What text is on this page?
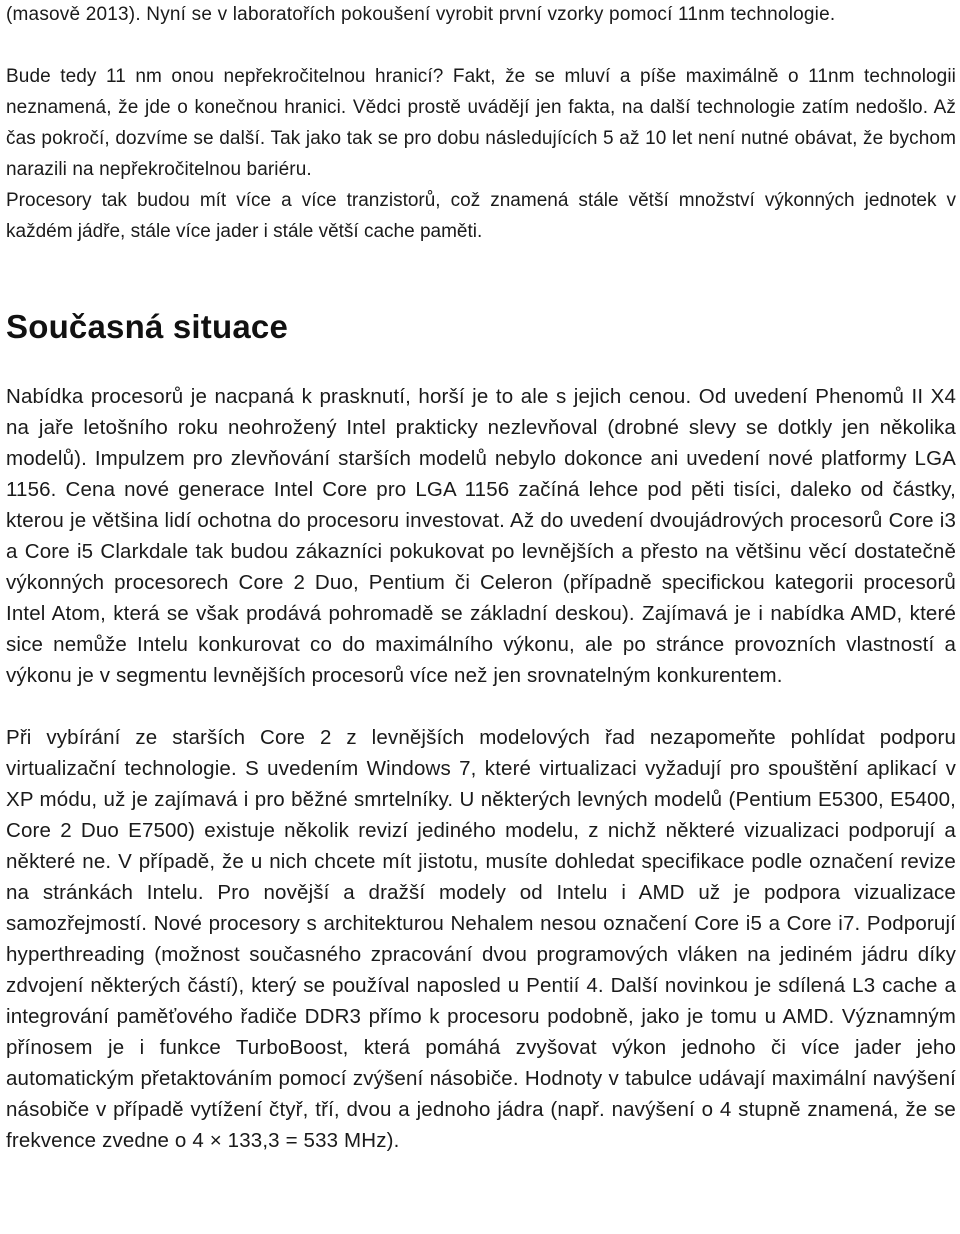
(masově 2013). Nyní se v laboratořích pokoušení vyrobit první vzorky pomocí 11nm technologie.

Bude tedy 11 nm onou nepřekročitelnou hranicí? Fakt, že se mluví a píše maximálně o 11nm technologii neznamená, že jde o konečnou hranici. Vědci prostě uvádějí jen fakta, na další technologie zatím nedošlo. Až čas pokročí, dozvíme se další. Tak jako tak se pro dobu následujících 5 až 10 let není nutné obávat, že bychom narazili na nepřekročitelnou bariéru.

Procesory tak budou mít více a více tranzistorů, což znamená stále větší množství výkonných jednotek v každém jádře, stále více jader i stále větší cache paměti.

Současná situace

Nabídka procesorů je nacpaná k prasknutí, horší je to ale s jejich cenou. Od uvedení Phenomů II X4 na jaře letošního roku neohrožený Intel prakticky nezlevňoval (drobné slevy se dotkly jen několika modelů). Impulzem pro zlevňování starších modelů nebylo dokonce ani uvedení nové platformy LGA 1156. Cena nové generace Intel Core pro LGA 1156 začíná lehce pod pěti tisíci, daleko od částky, kterou je většina lidí ochotna do procesoru investovat. Až do uvedení dvoujádrových procesorů Core i3 a Core i5 Clarkdale tak budou zákazníci pokukovat po levnějších a přesto na většinu věcí dostatečně výkonných procesorech Core 2 Duo, Pentium či Celeron (případně specifickou kategorii procesorů Intel Atom, která se však prodává pohromadě se základní deskou). Zajímavá je i nabídka AMD, které sice nemůže Intelu konkurovat co do maximálního výkonu, ale po stránce provozních vlastností a výkonu je v segmentu levnějších procesorů více než jen srovnatelným konkurentem.

Při vybírání ze starších Core 2 z levnějších modelových řad nezapomeňte pohlídat podporu virtualizační technologie. S uvedením Windows 7, které virtualizaci vyžadují pro spouštění aplikací v XP módu, už je zajímavá i pro běžné smrtelníky. U některých levných modelů (Pentium E5300, E5400, Core 2 Duo E7500) existuje několik revizí jediného modelu, z nichž některé vizualizaci podporují a některé ne. V případě, že u nich chcete mít jistotu, musíte dohledat specifikace podle označení revize na stránkách Intelu. Pro novější a dražší modely od Intelu i AMD už je podpora vizualizace samozřejmostí. Nové procesory s architekturou Nehalem nesou označení Core i5 a Core i7. Podporují hyperthreading (možnost současného zpracování dvou programových vláken na jediném jádru díky zdvojení některých částí), který se používal naposled u Pentií 4. Další novinkou je sdílená L3 cache a integrování paměťového řadiče DDR3 přímo k procesoru podobně, jako je tomu u AMD. Významným přínosem je i funkce TurboBoost, která pomáhá zvyšovat výkon jednoho či více jader jeho automatickým přetaktováním pomocí zvýšení násobiče. Hodnoty v tabulce udávají maximální navýšení násobiče v případě vytížení čtyř, tří, dvou a jednoho jádra (např. navýšení o 4 stupně znamená, že se frekvence zvedne o 4 × 133,3 = 533 MHz).
